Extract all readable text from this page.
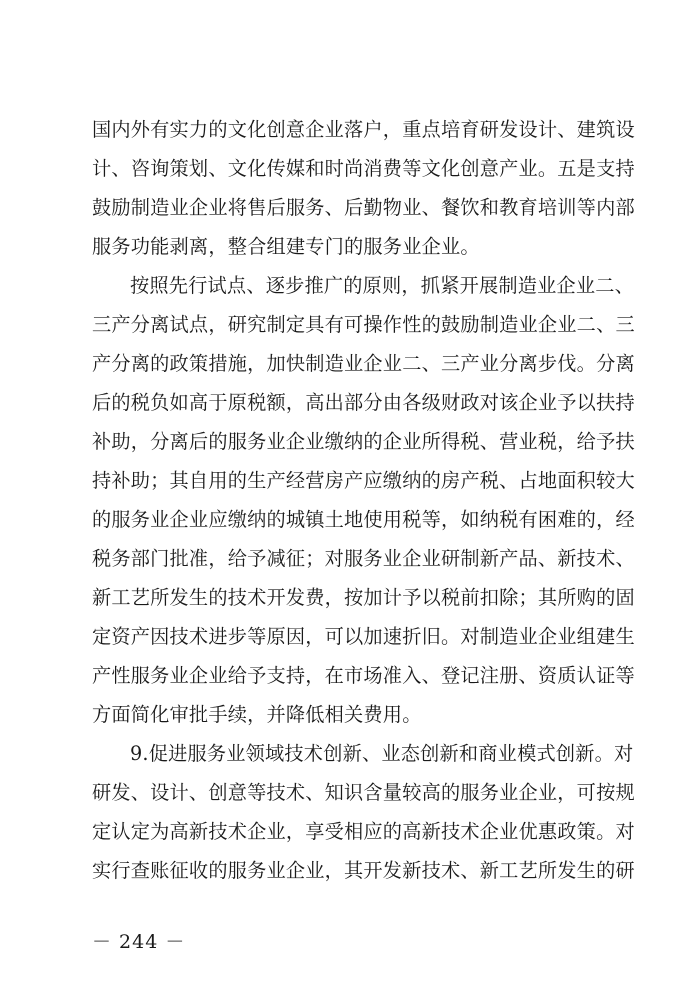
国内外有实力的文化创意企业落户，重点培育研发设计、建筑设
计、咨询策划、文化传媒和时尚消费等文化创意产业。五是支持
鼓励制造业企业将售后服务、后勤物业、餐饮和教育培训等内部
服务功能剥离，整合组建专门的服务业企业。
按照先行试点、逐步推广的原则，抓紧开展制造业企业二、
三产分离试点，研究制定具有可操作性的鼓励制造业企业二、三
产分离的政策措施，加快制造业企业二、三产业分离步伐。分离
后的税负如高于原税额，高出部分由各级财政对该企业予以扶持
补助，分离后的服务业企业缴纳的企业所得税、营业税，给予扶
持补助；其自用的生产经营房产应缴纳的房产税、占地面积较大
的服务业企业应缴纳的城镇土地使用税等，如纳税有困难的，经
税务部门批准，给予减征；对服务业企业研制新产品、新技术、
新工艺所发生的技术开发费，按加计予以税前扣除；其所购的固
定资产因技术进步等原因，可以加速折旧。对制造业企业组建生
产性服务业企业给予支持，在市场准入、登记注册、资质认证等
方面简化审批手续，并降低相关费用。
9.促进服务业领域技术创新、业态创新和商业模式创新。对
研发、设计、创意等技术、知识含量较高的服务业企业，可按规
定认定为高新技术企业，享受相应的高新技术企业优惠政策。对
实行查账征收的服务业企业，其开发新技术、新工艺所发生的研
－ 244 －
